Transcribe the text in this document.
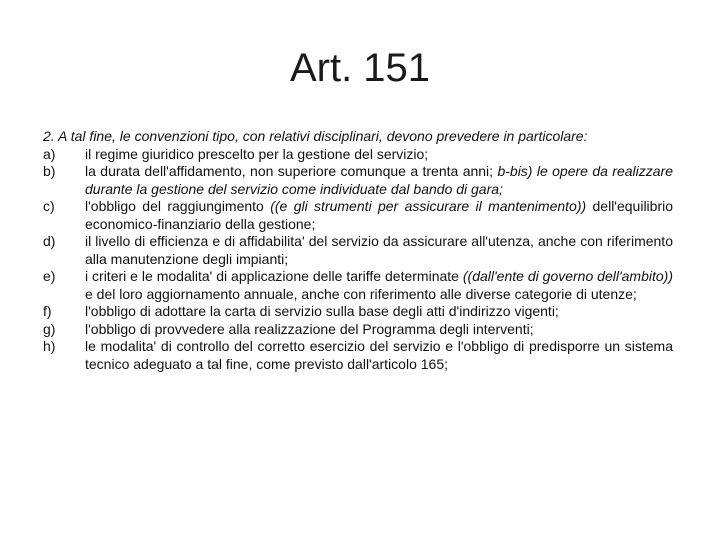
Art. 151

2. A tal fine, le convenzioni tipo, con relativi disciplinari, devono prevedere in particolare:

a)	il regime giuridico prescelto per la gestione del servizio;
b)	la durata dell'affidamento, non superiore comunque a trenta anni; b-bis) le opere da realizzare durante la gestione del servizio come individuate dal bando di gara;
c)	l'obbligo del raggiungimento ((e gli strumenti per assicurare il mantenimento)) dell'equilibrio economico-finanziario della gestione;
d)	il livello di efficienza e di affidabilita' del servizio da assicurare all'utenza, anche con riferimento alla manutenzione degli impianti;
e)	i criteri e le modalita' di applicazione delle tariffe determinate ((dall'ente di governo dell'ambito)) e del loro aggiornamento annuale, anche con riferimento alle diverse categorie di utenze;
f)	l'obbligo di adottare la carta di servizio sulla base degli atti d'indirizzo vigenti;
g)	l'obbligo di provvedere alla realizzazione del Programma degli interventi;
h)	le modalita' di controllo del corretto esercizio del servizio e l'obbligo di predisporre un sistema tecnico adeguato a tal fine, come previsto dall'articolo 165;
